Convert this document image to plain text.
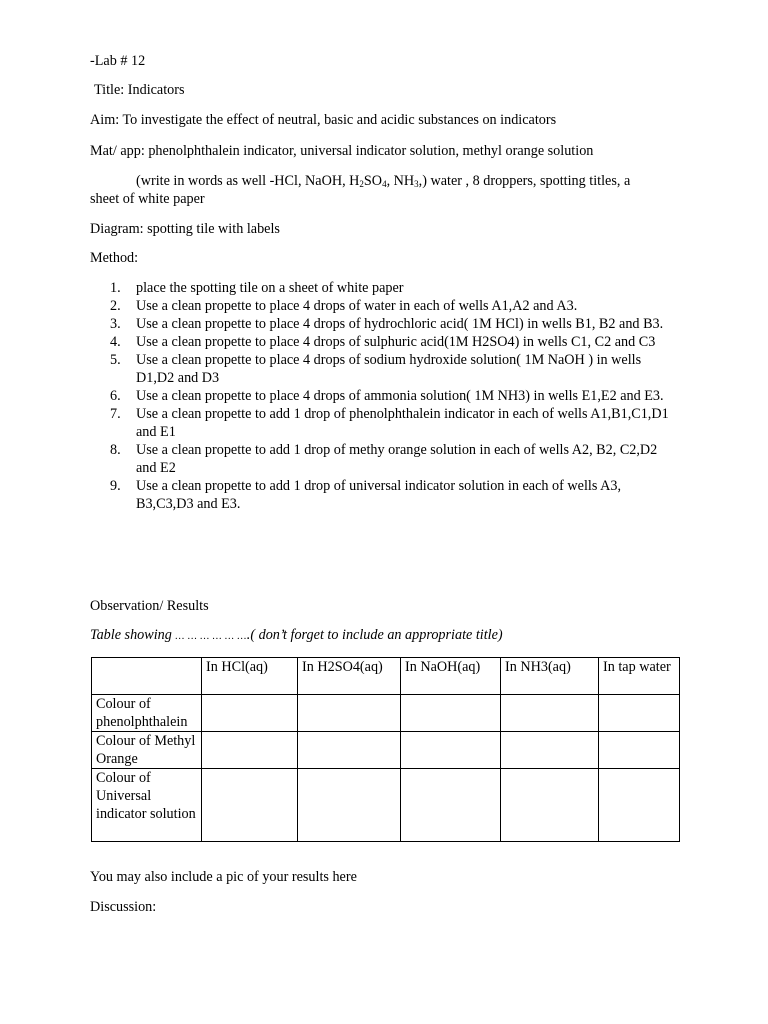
-Lab # 12
Title: Indicators
Aim: To investigate the effect of neutral, basic and acidic substances on indicators
Mat/ app: phenolphthalein indicator, universal indicator solution, methyl orange solution
(write in words as well -HCl, NaOH, $H_2SO_4$, $NH_3$,) water , 8 droppers, spotting titles, a
sheet of white paper
Diagram: spotting tile with labels
Method:
1. place the spotting tile on a sheet of white paper
2. Use a clean propette to place 4 drops of water in each of wells A1,A2 and A3.
3. Use a clean propette to place 4 drops of hydrochloric acid( 1M HCl) in wells B1, B2 and B3.
4. Use a clean propette to place 4 drops of sulphuric acid(1M H2SO4) in wells C1, C2 and C3
5. Use a clean propette to place 4 drops of sodium hydroxide solution( 1M NaOH ) in wells D1,D2 and D3
6. Use a clean propette to place 4 drops of ammonia solution( 1M NH3) in wells E1,E2 and E3.
7. Use a clean propette to add 1 drop of phenolphthalein indicator in each of wells A1,B1,C1,D1 and E1
8. Use a clean propette to add 1 drop of methy orange solution in each of wells A2, B2, C2,D2 and E2
9. Use a clean propette to add 1 drop of universal indicator solution in each of wells A3, B3,C3,D3 and E3.
Observation/ Results
Table showing … … … … … ….( don’t forget to include an appropriate title)
	In HCl(aq)	In H2SO4(aq)	In NaOH(aq)	In NH3(aq)	In tap water
Colour of phenolphthalein					
Colour of Methyl Orange					
Colour of Universal indicator solution					
You may also include a pic of your results here
Discussion:
